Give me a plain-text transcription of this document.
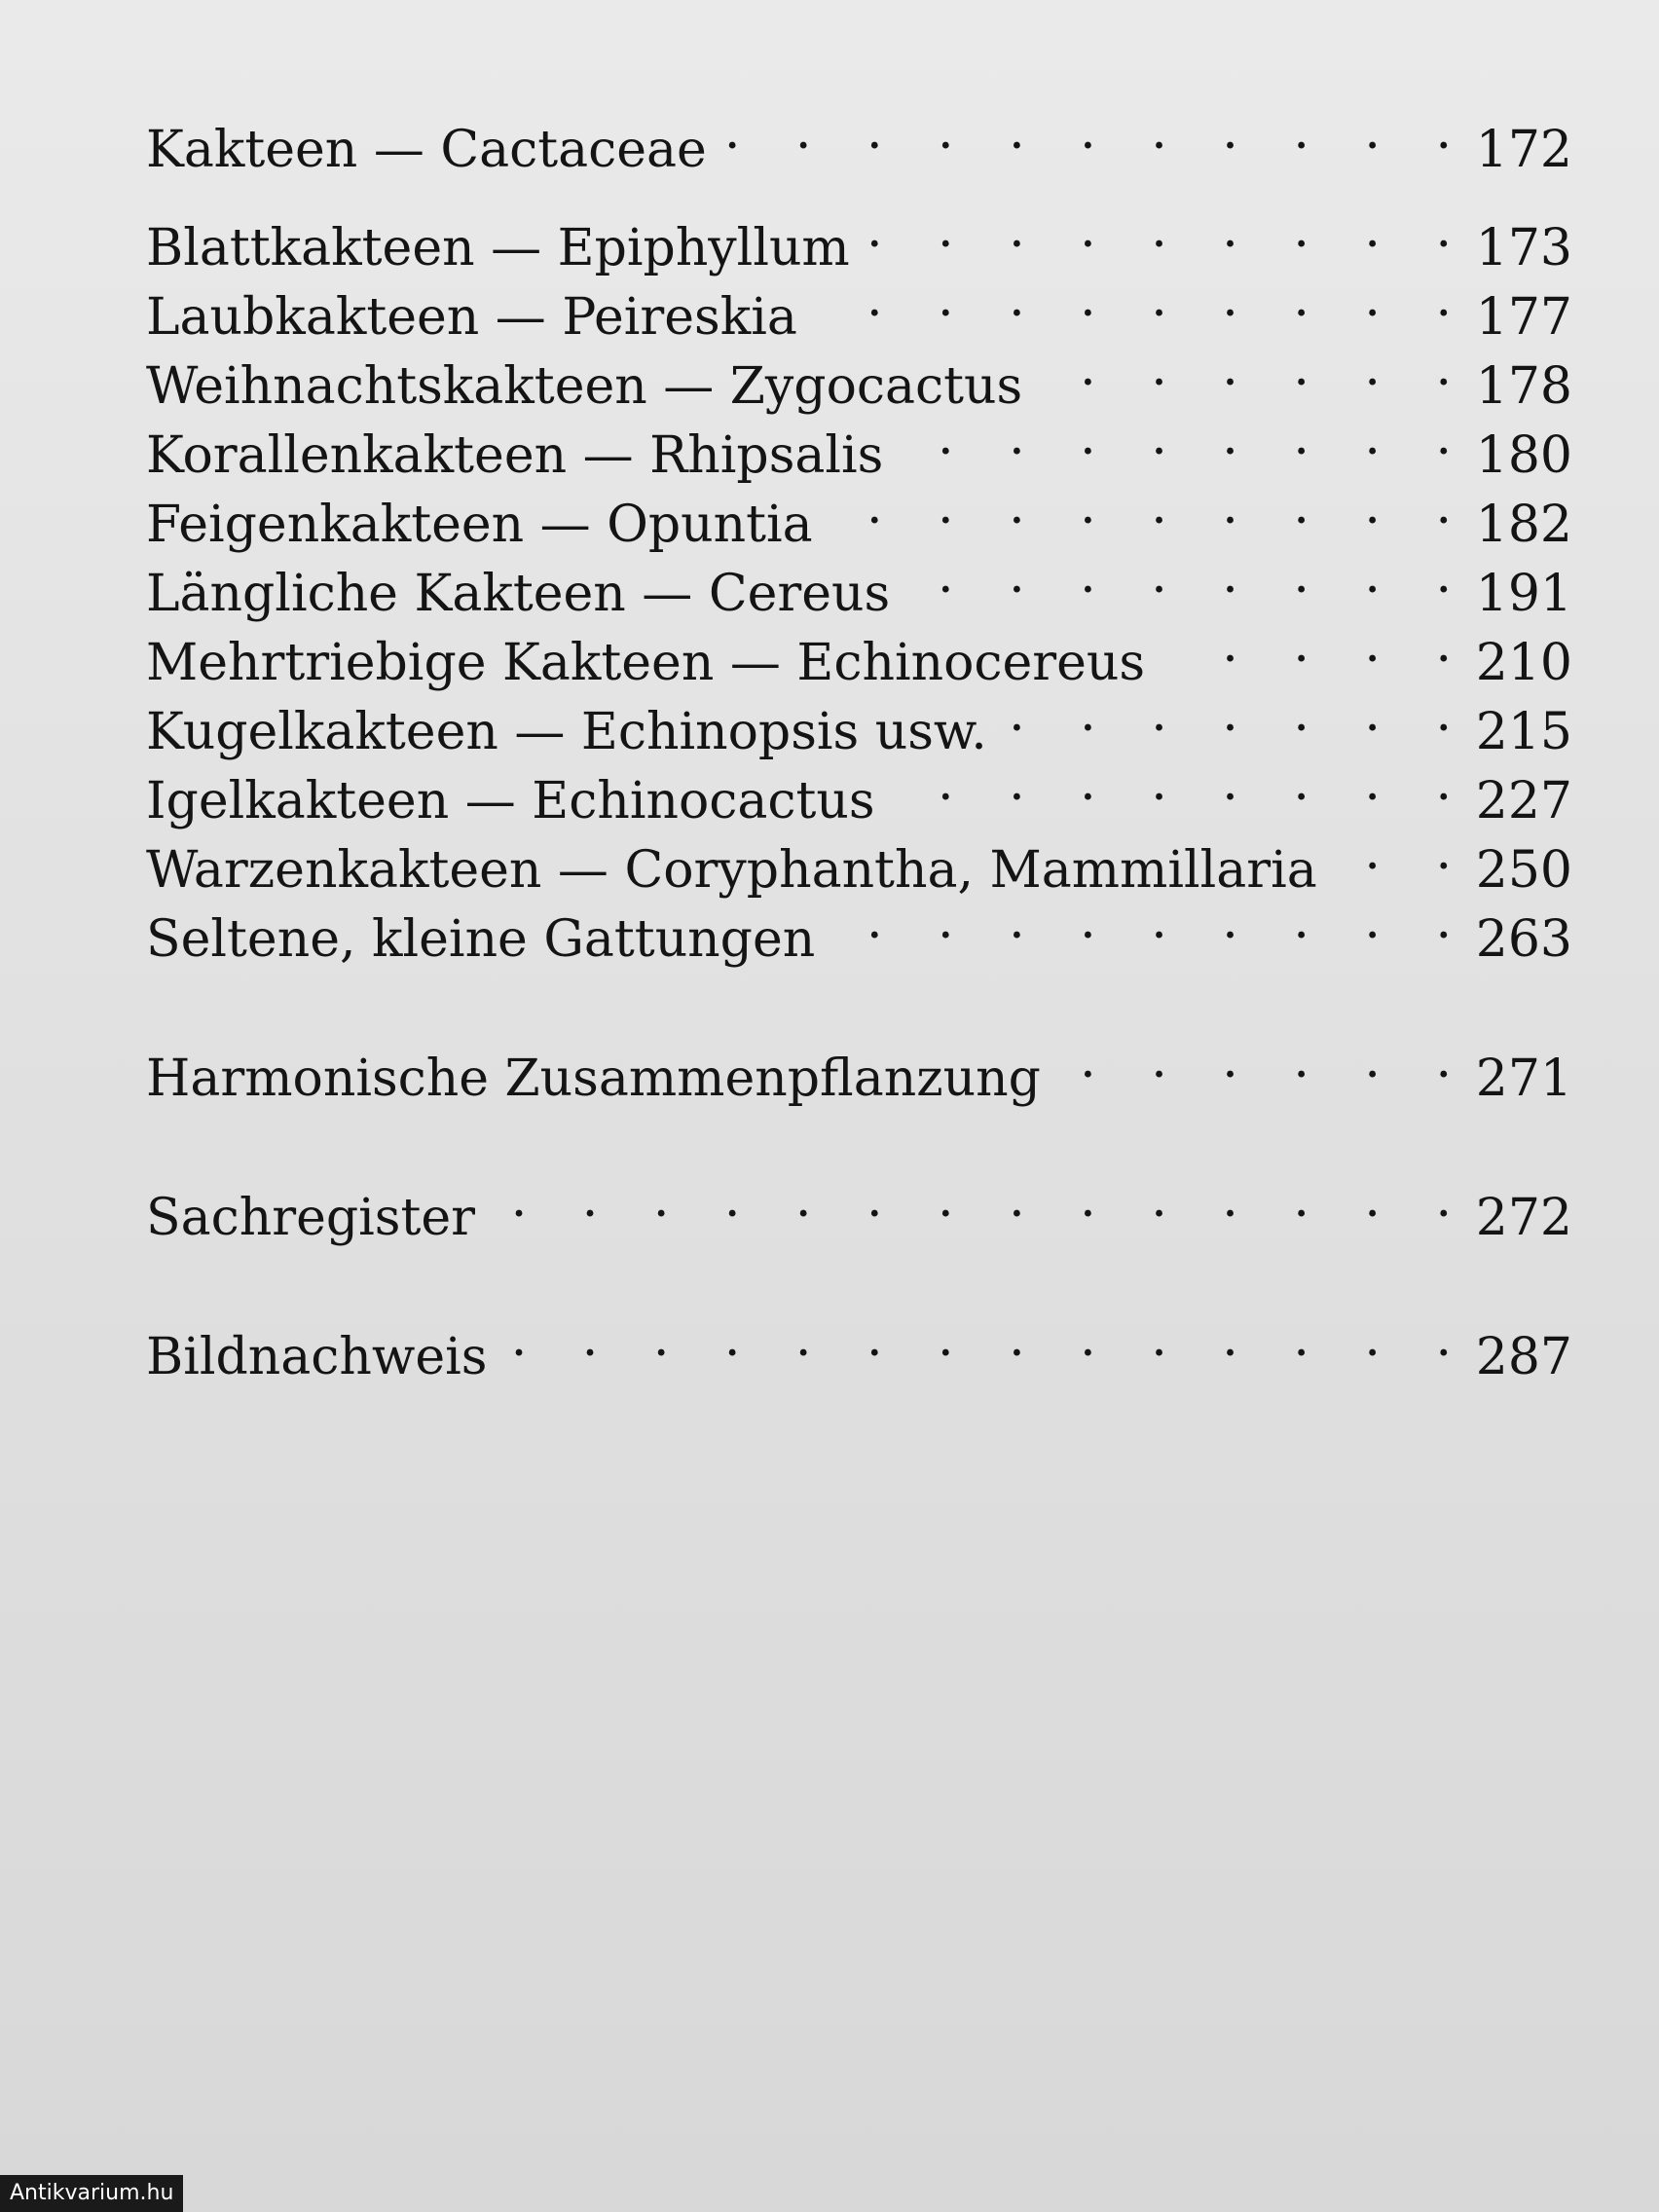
Kakteen — Cactaceae . . .	172
Blattkakteen — Epiphyllum . . .	173
Laubkakteen — Peireskia . . .	177
Weihnachtskakteen — Zygocactus . . .	178
Korallenkakteen — Rhipsalis . . .	180
Feigenkakteen — Opuntia . . .	182
Längliche Kakteen — Cereus . . .	191
Mehrtriebige Kakteen — Echinocereus . . .	210
Kugelkakteen — Echinopsis usw. . . .	215
Igelkakteen — Echinocactus . . .	227
Warzenkakteen — Coryphantha, Mammillaria . . .	250
Seltene, kleine Gattungen . . .	263
Harmonische Zusammenpflanzung . . .	271
Sachregister . . .	272
Bildnachweis . . .	287
Antikvarium.hu
